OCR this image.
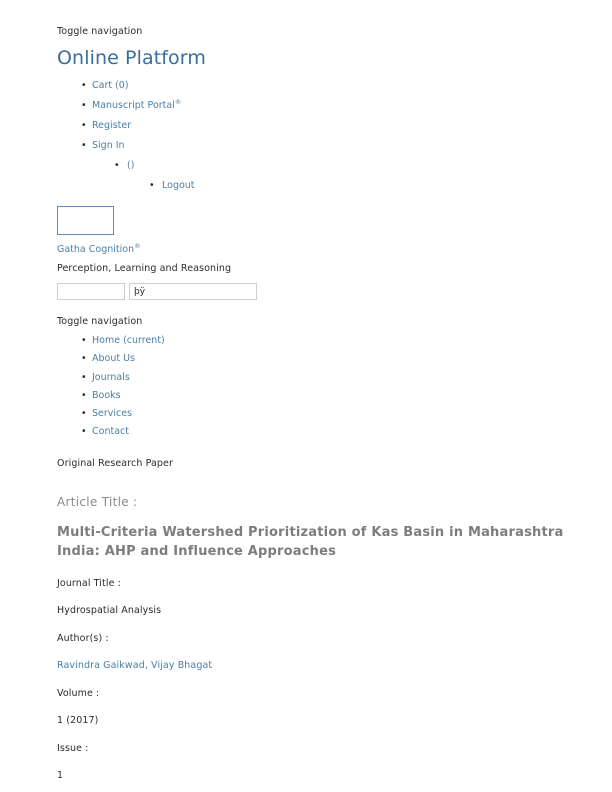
Toggle navigation
Online Platform
• Cart (0)
• Manuscript Portal®
• Register
• Sign In
• ()
• Logout
Gatha Cognition®
Perception, Learning and Reasoning
þÿ
Toggle navigation
• Home (current)
• About Us
• Journals
• Books
• Services
• Contact
Original Research Paper
Article Title :
Multi-Criteria Watershed Prioritization of Kas Basin in Maharashtra India: AHP and Influence Approaches
Journal Title :
Hydrospatial Analysis
Author(s) :
Ravindra Gaikwad, Vijay Bhagat
Volume :
1 (2017)
Issue :
1
